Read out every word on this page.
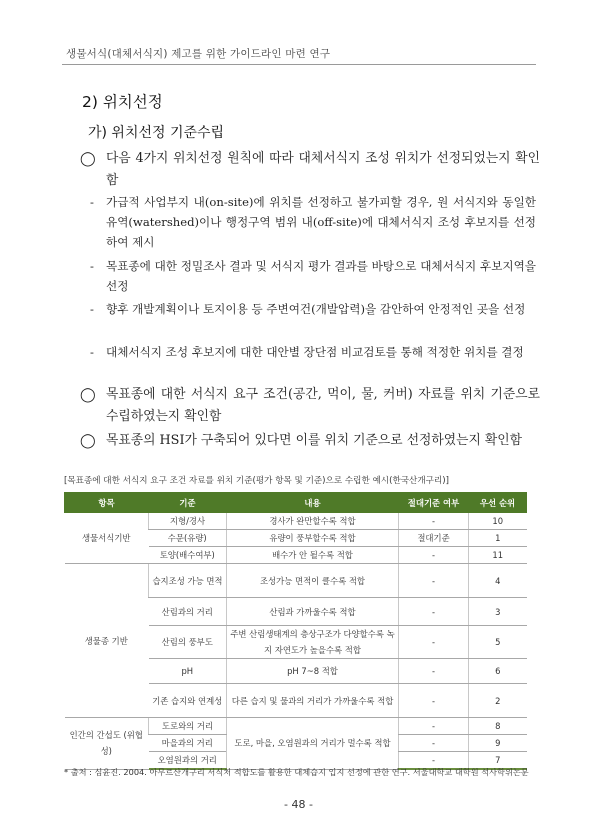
생물서식(대체서식지) 제고를 위한 가이드라인 마련 연구
2) 위치선정
가) 위치선정 기준수립
◯ 다음 4가지 위치선정 원칙에 따라 대체서식지 조성 위치가 선정되었는지 확인함
- 가급적 사업부지 내(on-site)에 위치를 선정하고 불가피할 경우, 원 서식지와 동일한 유역(watershed)이나 행정구역 범위 내(off-site)에 대체서식지 조성 후보지를 선정하여 제시
- 목표종에 대한 정밀조사 결과 및 서식지 평가 결과를 바탕으로 대체서식지 후보지역을 선정
- 향후 개발계획이나 토지이용 등 주변여건(개발압력)을 감안하여 안정적인 곳을 선정
- 대체서식지 조성 후보지에 대한 대안별 장단점 비교검토를 통해 적정한 위치를 결정
◯ 목표종에 대한 서식지 요구 조건(공간, 먹이, 물, 커버) 자료를 위치 기준으로 수립하였는지 확인함
◯ 목표종의 HSI가 구축되어 있다면 이를 위치 기준으로 선정하였는지 확인함
[목표종에 대한 서식지 요구 조건 자료를 위치 기준(평가 항목 및 기준)으로 수립한 예시(한국산개구리)]
항목	기준	내용	절대기준 여부	우선 순위
생물서식기반	지형/경사	경사가 완만할수록 적합	-	10
	수문(유량)	유량이 풍부할수록 적합	절대기준	1
	토양(배수여부)	배수가 안 될수록 적합	-	11
생물종 기반	습지조성 가능 면적	조성가능 면적이 클수록 적합	-	4
	산림과의 거리	산림과 가까울수록 적합	-	3
	산림의 풍부도	주변 산림생태계의 층상구조가 다양할수록 녹지 자연도가 높을수록 적합	-	5
	pH	pH 7~8 적합	-	6
	기존 습지와 연계성	다른 습지 및 물과의 거리가 가까울수록 적합	-	2
인간의 간섭도 (위협성)	도로와의 거리	도로, 마을, 오염원과의 거리가 멀수록 적합	-	8
	마을과의 거리		-	9
	오염원과의 거리		-	7
* 출처 : 심윤진. 2004. 아무르산개구리 서식처 적합도를 활용한 대체습지 입지 선정에 관한 연구. 서울대학교 대학원 석사학위논문
- 48 -
